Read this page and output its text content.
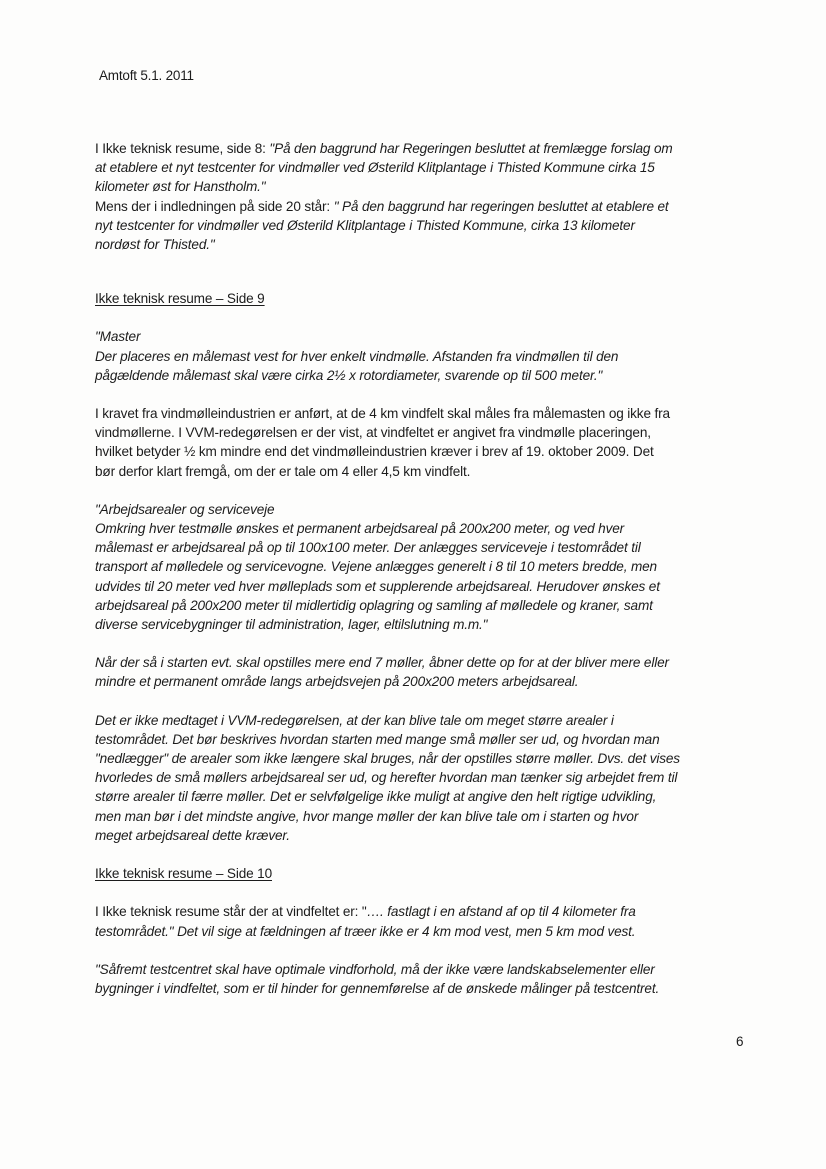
Amtoft 5.1. 2011

I Ikke teknisk resume, side 8: "På den baggrund har Regeringen besluttet at fremlægge forslag om
at etablere et nyt testcenter for vindmøller ved Østerild Klitplantage i Thisted Kommune cirka 15
kilometer øst for Hanstholm."

Mens der i indledningen på side 20 står: " På den baggrund har regeringen besluttet at etablere et
nyt testcenter for vindmøller ved Østerild Klitplantage i Thisted Kommune, cirka 13 kilometer
nordøst for Thisted."

Ikke teknisk resume – Side 9

"Master
Der placeres en målemast vest for hver enkelt vindmølle. Afstanden fra vindmøllen til den
pågældende målemast skal være cirka 2½ x rotordiameter, svarende op til 500 meter."

I kravet fra vindmølleindustrien er anført, at de 4 km vindfelt skal måles fra målemasten og ikke fra
vindmøllerne. I VVM-redegørelsen er der vist, at vindfeltet er angivet fra vindmølle placeringen,
hvilket betyder ½ km mindre end det vindmølleindustrien kræver i brev af 19. oktober 2009. Det
bør derfor klart fremgå, om der er tale om 4 eller 4,5 km vindfelt.

"Arbejdsarealer og serviceveje
Omkring hver testmølle ønskes et permanent arbejdsareal på 200x200 meter, og ved hver
målemast er arbejdsareal på op til 100x100 meter. Der anlægges serviceveje i testområdet til
transport af mølledele og servicevogne. Vejene anlægges generelt i 8 til 10 meters bredde, men
udvides til 20 meter ved hver møllеplads som et supplerende arbejdsareal. Herudover ønskes et
arbejdsareal på 200x200 meter til midlertidig oplagring og samling af mølledele og kraner, samt
diverse servicebygninger til administration, lager, eltilslutning m.m."

Når der så i starten evt. skal opstilles mere end 7 møller, åbner dette op for at der bliver mere eller
mindre et permanent område langs arbejdsvejen på 200x200 meters arbejdsareal.

Det er ikke medtaget i VVM-redegørelsen, at der kan blive tale om meget større arealer i
testområdet. Det bør beskrives hvordan starten med mange små møller ser ud, og hvordan man
"nedlægger" de arealer som ikke længere skal bruges, når der opstilles større møller. Dvs. det vises
hvorledes de små møllers arbejdsareal ser ud, og herefter hvordan man tænker sig arbejdet frem til
større arealer til færre møller. Det er selvfølgelige ikke muligt at angive den helt rigtige udvikling,
men man bør i det mindste angive, hvor mange møller der kan blive tale om i starten og hvor
meget arbejdsareal dette kræver.

Ikke teknisk resume – Side 10

I Ikke teknisk resume står der at vindfeltet er: "…. fastlagt i en afstand af op til 4 kilometer fra
testområdet." Det vil sige at fældningen af træer ikke er 4 km mod vest, men 5 km mod vest.

"Såfremt testcentret skal have optimale vindforhold, må der ikke være landskabselementer eller
bygninger i vindfeltet, som er til hinder for gennemførelse af de ønskede målinger på testcentret.

6
